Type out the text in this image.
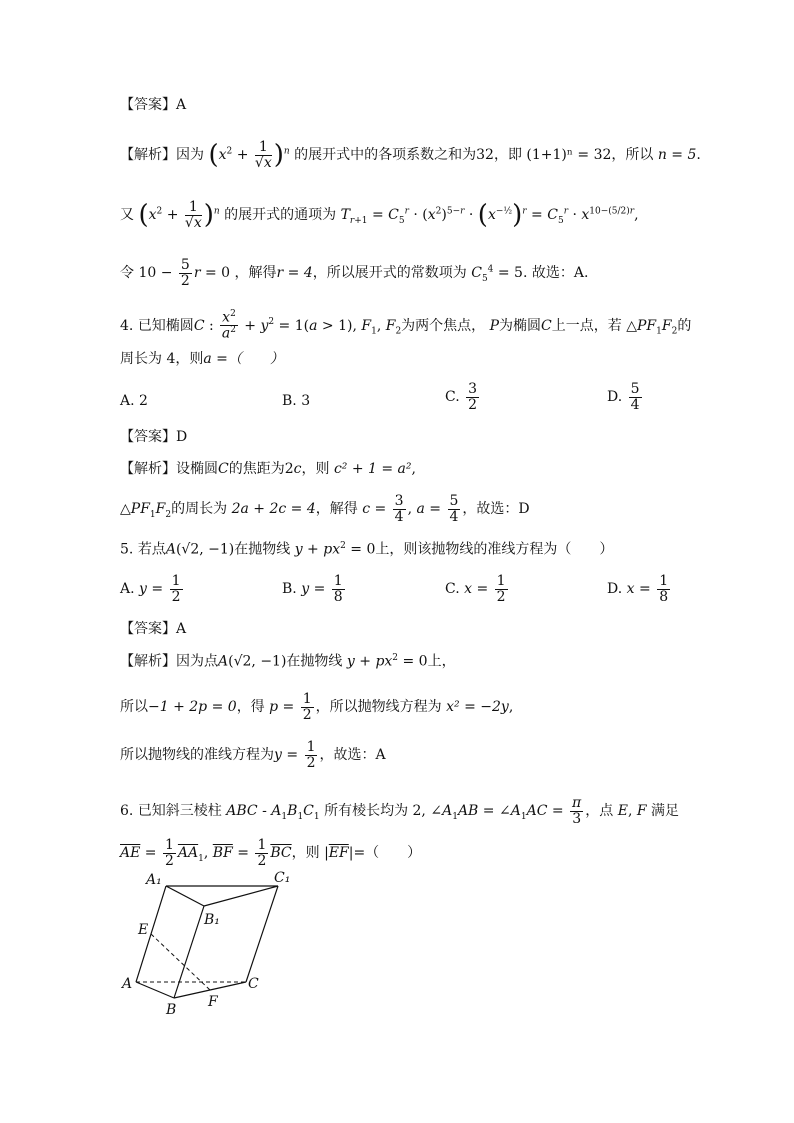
【答案】A
【解析】因为 $(x^2 + \frac{1}{√x} )^n$ 的展开式中的各项系数之和为32，即 (1+1)ⁿ = 32，所以 n = 5.
又 $(x^2 + \frac{1}{√x} )^n$ 的展开式的通项为 $T_{r+1} = C_5^r \cdot (x^2)^{5-r} \cdot (x^{-\frac{1}{2}})^r = C_5^r \cdot x^{10-(5/2)r}$,
令 $10 - \frac{5}{2}$ r = 0 ，解得r = 4，所以展开式的常数项为 $C_5^4 = 5$. 故选：A.
4. 已知椭圆C : $\frac{x^2}{a^2} + y^2 = 1(a > 1)$, $F_1$, $F_2$为两个焦点， P为椭圆C上一点，若 $\triangle PF_1F_2$的
周长为 4，则a =（　　）
A. 2	B. 3	C. $\frac{3}{2}$	D. $\frac{5}{4}$
【答案】D
【解析】设椭圆C的焦距为2c，则 c² + 1 = a²,
$\triangle PF_1F_2$的周长为 2a + 2c = 4，解得 $c = \frac{3}{4}$ , $a = \frac{5}{4}$ ，故选：D
5. 若点A(√2, −1)在抛物线 $y + px^2 = 0$上，则该抛物线的准线方程为（　　）
A. $y = \frac{1}{2}$	B. $y = \frac{1}{8}$	C. $x = \frac{1}{2}$	D. $x = \frac{1}{8}$
【答案】A
【解析】因为点A(√2, −1)在抛物线 $y + px^2 = 0$上，
所以−1 + 2p = 0，得 $p = \frac{1}{2}$ ，所以抛物线方程为 x² = −2y,
所以抛物线的准线方程为$y = \frac{1}{2}$ ，故选：A
6. 已知斜三棱柱 ABC - $A_1B_1C_1$ 所有棱长均为 2, $\angle A_1AB$ = $\angle A_1AC = \frac{\pi}{3}$ ，点 E, F 满足
$\overline{AE} = \frac{1}{2} \overline{AA}_1$, $\overline{BF} = \frac{1}{2} \overline{BC}$，则 $|\overline{EF}|=$（　　）
A₁	C₁
B₁
E
A	C
B F
